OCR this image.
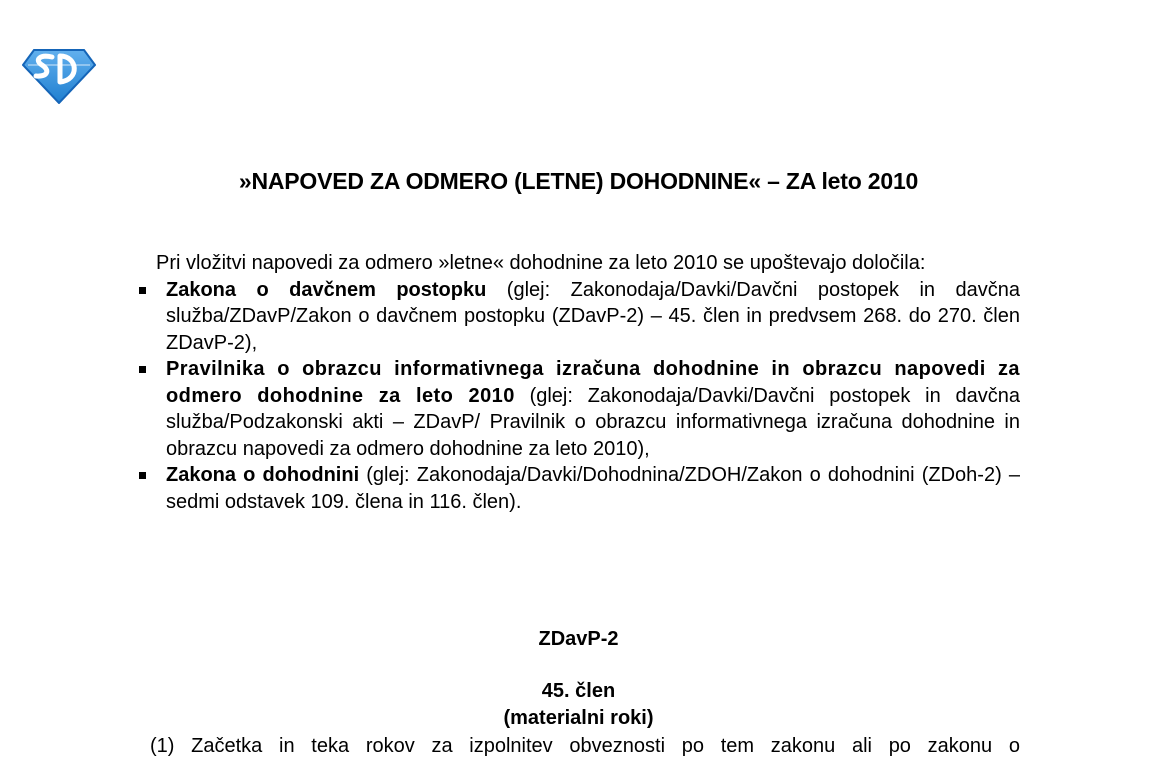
»NAPOVED ZA ODMERO (LETNE) DOHODNINE« – ZA leto 2010

Pri vložitvi napovedi za odmero »letne« dohodnine za leto 2010 se upoštevajo določila:

Zakona o davčnem postopku (glej: Zakonodaja/Davki/Davčni postopek in davčna služba/ZDavP/Zakon o davčnem postopku (ZDavP-2) – 45. člen in predvsem 268. do 270. člen ZDavP-2),
Pravilnika o obrazcu informativnega izračuna dohodnine in obrazcu napovedi za odmero dohodnine za leto 2010 (glej: Zakonodaja/Davki/Davčni postopek in davčna služba/Podzakonski akti – ZDavP/ Pravilnik o obrazcu informativnega izračuna dohodnine in obrazcu napovedi za odmero dohodnine za leto 2010),
Zakona o dohodnini (glej: Zakonodaja/Davki/Dohodnina/ZDOH/Zakon o dohodnini (ZDoh-2) – sedmi odstavek 109. člena in 116. člen).
ZDavP-2
45. člen
(materialni roki)
(1) Začetka in teka rokov za izpolnitev obveznosti po tem zakonu ali po zakonu o
